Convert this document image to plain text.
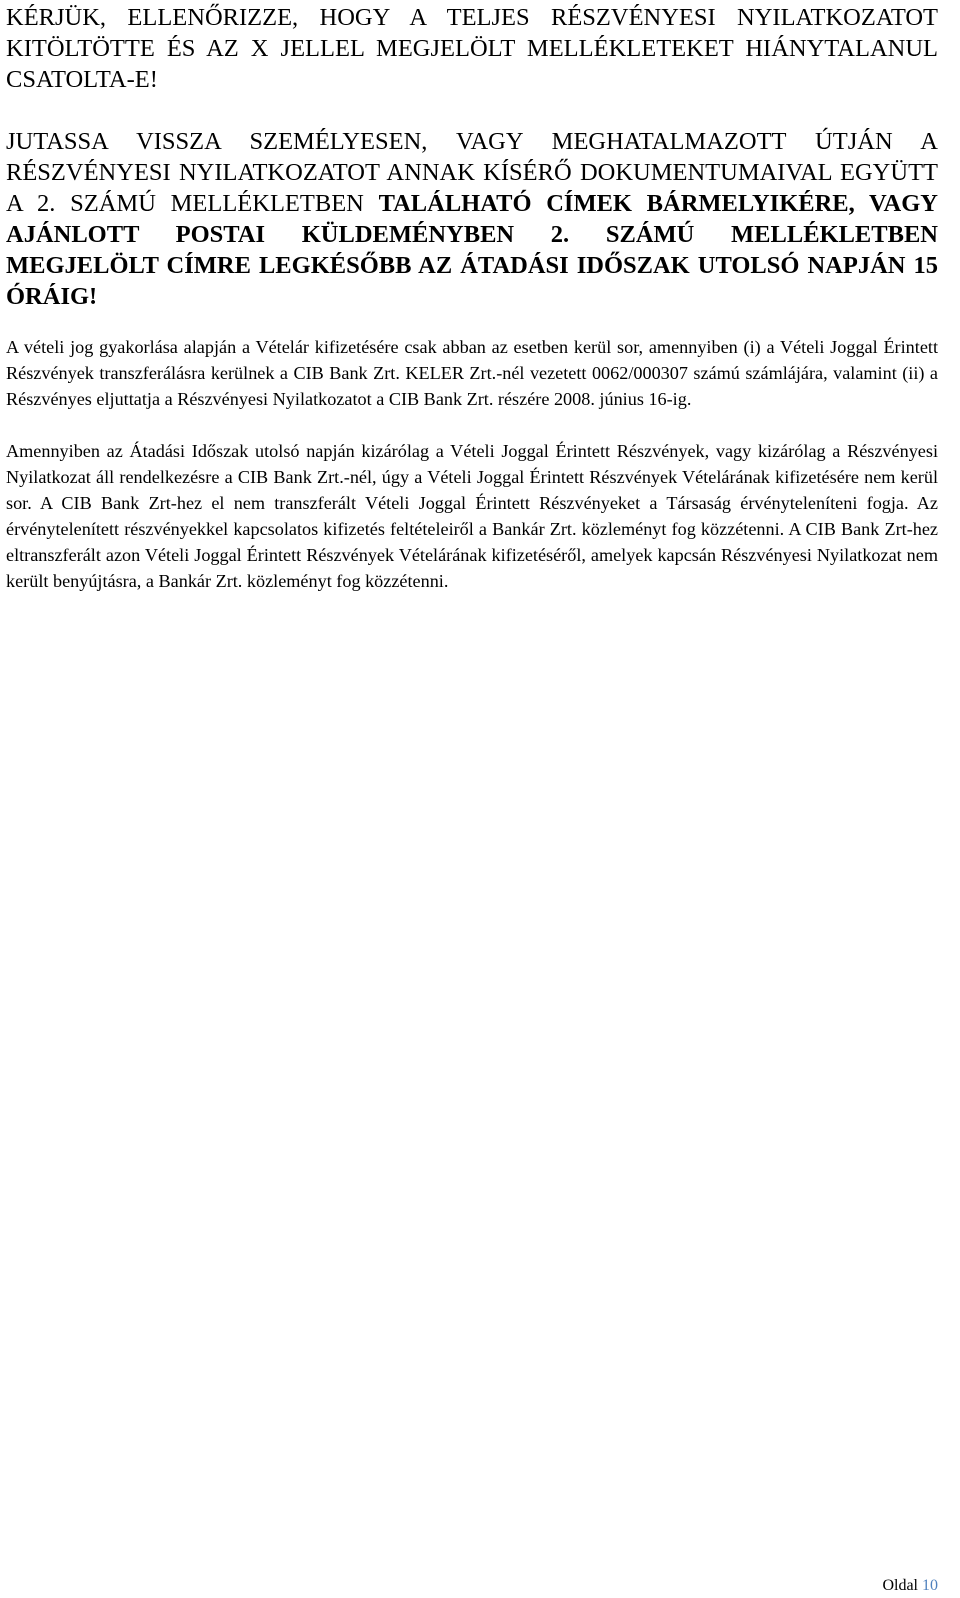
KÉRJÜK, ELLENŐRIZZE, HOGY A TELJES RÉSZVÉNYESI NYILATKOZATOT KITÖLTÖTTE ÉS AZ X JELLEL MEGJELÖLT MELLÉKLETEKET HIÁNYTALANUL CSATOLTA-E!

JUTASSA VISSZA SZEMÉLYESEN, VAGY MEGHATALMAZOTT ÚTJÁN A RÉSZVÉNYESI NYILATKOZATOT ANNAK KÍSÉRŐ DOKUMENTUMAIVAL EGYÜTT A 2. SZÁMÚ MELLÉKLETBEN TALÁLHATÓ CÍMEK BÁRMELYIKÉRE, VAGY AJÁNLOTT POSTAI KÜLDEMÉNYBEN 2. SZÁMÚ MELLÉKLETBEN MEGJELÖLT CÍMRE LEGKÉSŐBB AZ ÁTADÁSI IDŐSZAK UTOLSÓ NAPJÁN 15 ÓRÁIG!

A vételi jog gyakorlása alapján a Vételár kifizetésére csak abban az esetben kerül sor, amennyiben (i) a Vételi Joggal Érintett Részvények transzferálásra kerülnek a CIB Bank Zrt. KELER Zrt.-nél vezetett 0062/000307 számú számlájára, valamint (ii) a Részvényes eljuttatja a Részvényesi Nyilatkozatot a CIB Bank Zrt. részére 2008. június 16-ig.

Amennyiben az Átadási Időszak utolsó napján kizárólag a Vételi Joggal Érintett Részvények, vagy kizárólag a Részvényesi Nyilatkozat áll rendelkezésre a CIB Bank Zrt.-nél, úgy a Vételi Joggal Érintett Részvények Vételárának kifizetésére nem kerül sor. A CIB Bank Zrt-hez el nem transzferált Vételi Joggal Érintett Részvényeket a Társaság érvényteleníteni fogja. Az érvénytelenített részvényekkel kapcsolatos kifizetés feltételeiről a Bankár Zrt. közleményt fog közzétenni. A CIB Bank Zrt-hez eltranszferált azon Vételi Joggal Érintett Részvények Vételárának kifizetéséről, amelyek kapcsán Részvényesi Nyilatkozat nem került benyújtásra, a Bankár Zrt. közleményt fog közzétenni.

Oldal 10
